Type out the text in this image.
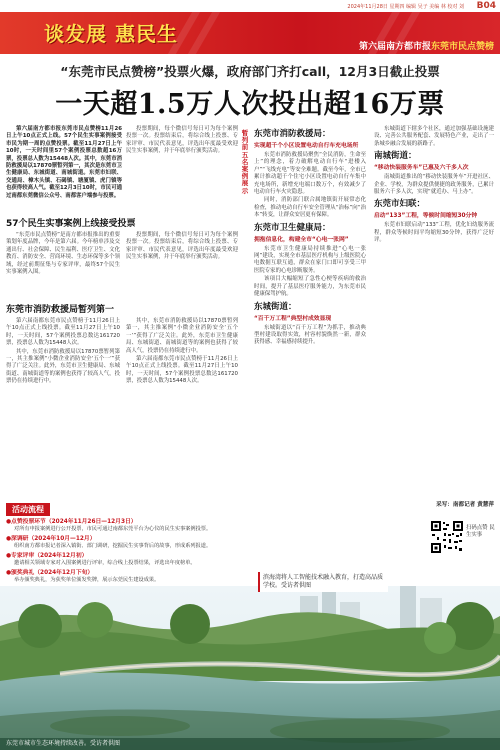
2024年11月28日 星期四 编辑 吴子 美编 林 校对 刘 B04
谈发展 惠民生
第六届南方都市报东莞市民点赞榜
“东莞市民点赞榜”投票火爆，政府部门齐打call，12月3日截止投票
一天超1.5万人次投出超16万票

第六届南方都市报东莞市民点赞榜11月26日上午10点正式上线。57个民生实事案例接受市民为期一周的点赞投票。截至11月27日上午10时，一天时间里57个案例投票总数超16万票，投票总人数为15448人次。其中，东莞市消防救援局以17870票暂列第一，其次是东莞市卫生健康局、东城街道、南城街道。东莞市妇联、交通局、樟木头镇、石碣镇、塘厦镇、虎门镇等也获得较高人气。截至12月3日10时，市民可通过南都东莞微信公众号、南都客户端参与投票。

投票期间，每个微信号每日可为每个案例投票一次。投票结束后，将综合线上投票、专家评审、市民代表意见，评选出年度最受欢迎民生实事案例，并于年底举行颁奖活动。

57个民生实事案例上线接受投票

“东莞市民点赞榜”是南方都市报推出的重要策划年度品牌，今年是第六届。今年榜单涉及交通出行、社会保障、民生福利、医疗卫生、文化教育、消防安全、营商环境、生态环保等多个领域，经过前期征集与专家评审，最终57个民生实事案例入围。

投票期间，每个微信号每日可为每个案例投票一次。投票结束后，将综合线上投票、专家评审、市民代表意见，评选出年度最受欢迎民生实事案例，并于年底举行颁奖活动。

东莞市消防救援局暂列第一

第六届南都东莞市民点赞榜于11月26日上午10点正式上线投票。截至11月27日上午10时，一天时间，57个案例投票总数达161720票，投票总人数为15448人次。

其中，东莞市消防救援局以17870票暂列第一，其主推案例“小微企业消防安全‘五个一’”获得了广泛关注。此外，东莞市卫生健康局、东城街道、南城街道等的案例也获得了较高人气，投票仍在持续进行中。

其中，东莞市消防救援局以17870票暂列第一，其主推案例“小微企业消防安全‘五个一’”获得了广泛关注。此外，东莞市卫生健康局、东城街道、南城街道等的案例也获得了较高人气，投票仍在持续进行中。

第六届南都东莞市民点赞榜于11月26日上午10点正式上线投票。截至11月27日上午10时，一天时间，57个案例投票总数达161720票，投票总人数为15448人次。

暂列前五名案例展示
东莞市消防救援局：
实现超千个小区设置电动自行车充电场所

东莞市消防救援局聚焦“全民消防，生命至上”的理念，着力破解电动自行车“进楼入户”“飞线充电”等安全难题。截至今年，全市已累计推动超千个住宅小区设置电动自行车集中充电场所，新增充电端口数万个，有效减少了电动自行车火灾隐患。

同时，消防部门联合属地镇街开展常态化检查，推动电动自行车安全管理从“治标”向“治本”转变，让群众安居更有保障。

东莞市卫生健康局：
拥抱信息化，构建全市“心电一张网”

东莞市卫生健康局持续推进“心电一张网”建设，实现全市基层医疗机构与上级医院心电数据互联互通，群众在家门口即可享受三甲医院专家的心电诊断服务。

该项目大幅缩短了急性心梗等疾病的救治时间，提升了基层医疗服务能力，为东莞市民健康保驾护航。

东城街道：
“百千万工程”典型村成效显现

东城街道以“百千万工程”为抓手，推动典型村建设取得实效，村容村貌焕然一新，群众获得感、幸福感持续提升。

东城街道下辖多个社区，通过加强基础设施建设、完善公共服务配套、发展特色产业，走出了一条城乡融合发展的新路子。

南城街道：
“移动快装服务车”已惠及六千多人次

南城街道推出的“移动快装服务车”开进社区、企业、学校，为群众提供便捷的政务服务，已累计服务六千多人次，实现“就近办、马上办”。

东莞市妇联：
启动“133”工程，等候时间缩短30分钟

东莞市妇联启动“133”工程，优化妇幼服务流程，群众等候时间平均缩短30分钟，获得广泛好评。

采写：南都记者 黄慧萍
活动流程
●点赞投票环节（2024年11月26日—12月3日）
对所有申报案例进行公开投票，市民可通过南都东莞平台为心仪的民生实事案例投票。
●深调研（2024年10月—12月）
组织南方都市报记者深入镇街、部门调研，挖掘民生实事背后的故事，形成系列报道。
●专家评审（2024年12月初）
邀请相关领域专家对入围案例进行评审，综合线上投票结果，评选出年度榜单。
●颁奖典礼（2024年12月下旬）
举办颁奖典礼，为获奖单位颁发奖牌，展示东莞民生建设成果。
扫码点赞 民生实事
东莞市城市生态环境持续改善。受访者供图
滨海湾将人工智能技术融入教育，打造高品质学校。受访者供图
